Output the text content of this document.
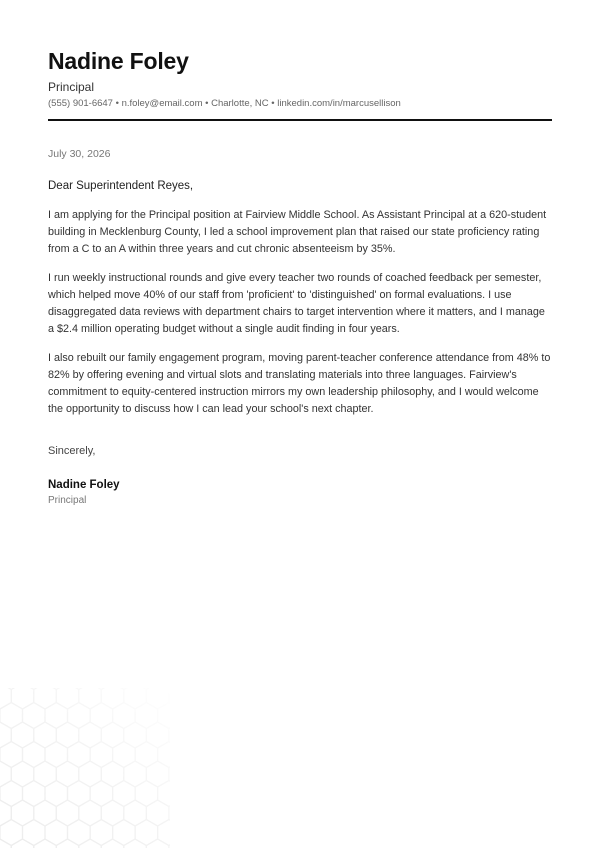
Nadine Foley
Principal
(555) 901-6647 • n.foley@email.com • Charlotte, NC • linkedin.com/in/marcusellison
July 30, 2026
Dear Superintendent Reyes,

I am applying for the Principal position at Fairview Middle School. As Assistant Principal at a 620-student building in Mecklenburg County, I led a school improvement plan that raised our state proficiency rating from a C to an A within three years and cut chronic absenteeism by 35%.

I run weekly instructional rounds and give every teacher two rounds of coached feedback per semester, which helped move 40% of our staff from 'proficient' to 'distinguished' on formal evaluations. I use disaggregated data reviews with department chairs to target intervention where it matters, and I manage a $2.4 million operating budget without a single audit finding in four years.

I also rebuilt our family engagement program, moving parent-teacher conference attendance from 48% to 82% by offering evening and virtual slots and translating materials into three languages. Fairview's commitment to equity-centered instruction mirrors my own leadership philosophy, and I would welcome the opportunity to discuss how I can lead your school's next chapter.

Sincerely,
Nadine Foley
Principal
